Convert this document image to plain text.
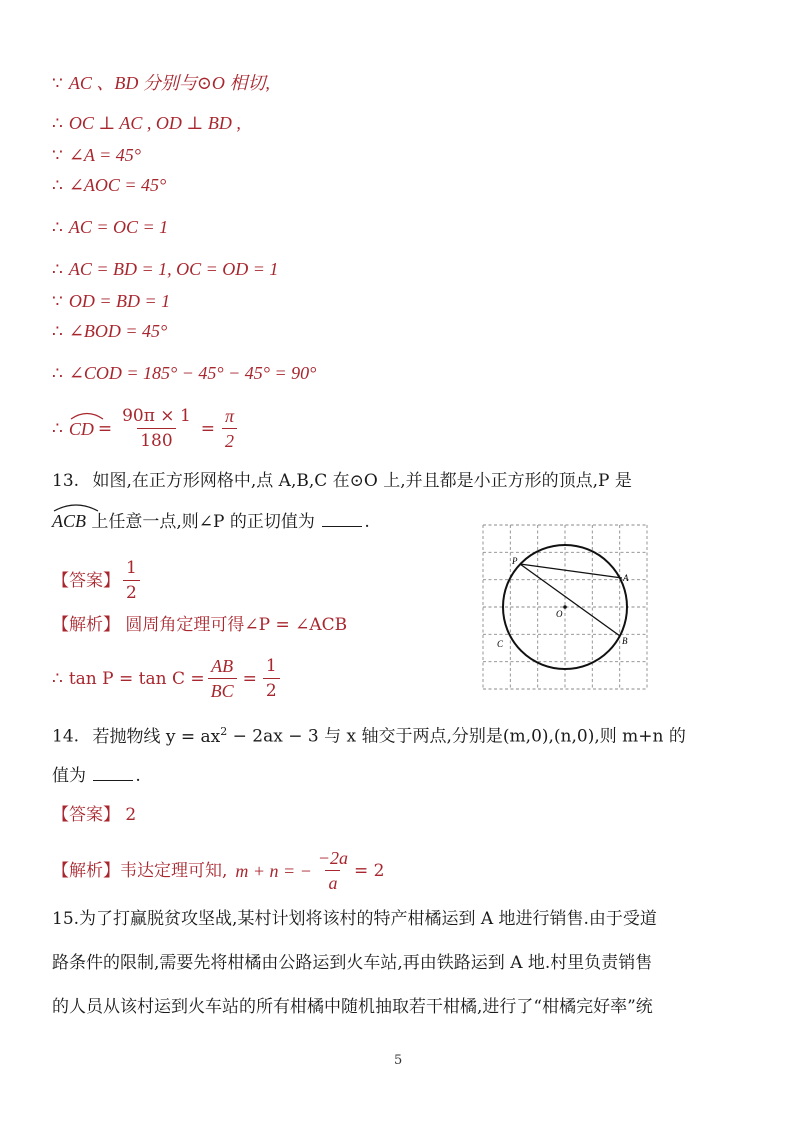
∵ AC 、BD 分别与⊙O 相切,
∴ OC ⊥ AC , OD ⊥ BD ,
∵ ∠A = 45°
∴ ∠AOC = 45°
∴ AC = OC = 1
∴ AC = BD = 1, OC = OD = 1
∵ OD = BD = 1
∴ ∠BOD = 45°
∴ ∠COD = 185° − 45° − 45° = 90°
∴ CD = $\frac{90\pi \times 1}{180} = \frac{\pi}{2}$
13. 如图,在正方形网格中,点 A,B,C 在⊙O 上,并且都是小正方形的顶点,P 是
ACB 上任意一点,则∠P 的正切值为	.
【答案】 $\frac{1}{2}$
【解析】 圆周角定理可得∠P = ∠ACB
∴ $\tan P = \tan C = \frac{AB}{BC} = \frac{1}{2}$
P
A
O
C	B
14. 若抛物线 $y = ax^2 - 2ax - 3$ 与 x 轴交于两点,分别是(m,0),(n,0),则 m+n 的
值为	.
【答案】 2
【解析】 韦达定理可知, m + n = − $\frac{-2a}{a} = 2$
15.为了打赢脱贫攻坚战,某村计划将该村的特产柑橘运到 A 地进行销售.由于受道
路条件的限制,需要先将柑橘由公路运到火车站,再由铁路运到 A 地.村里负责销售
的人员从该村运到火车站的所有柑橘中随机抽取若干柑橘,进行了“柑橘完好率”统
5
